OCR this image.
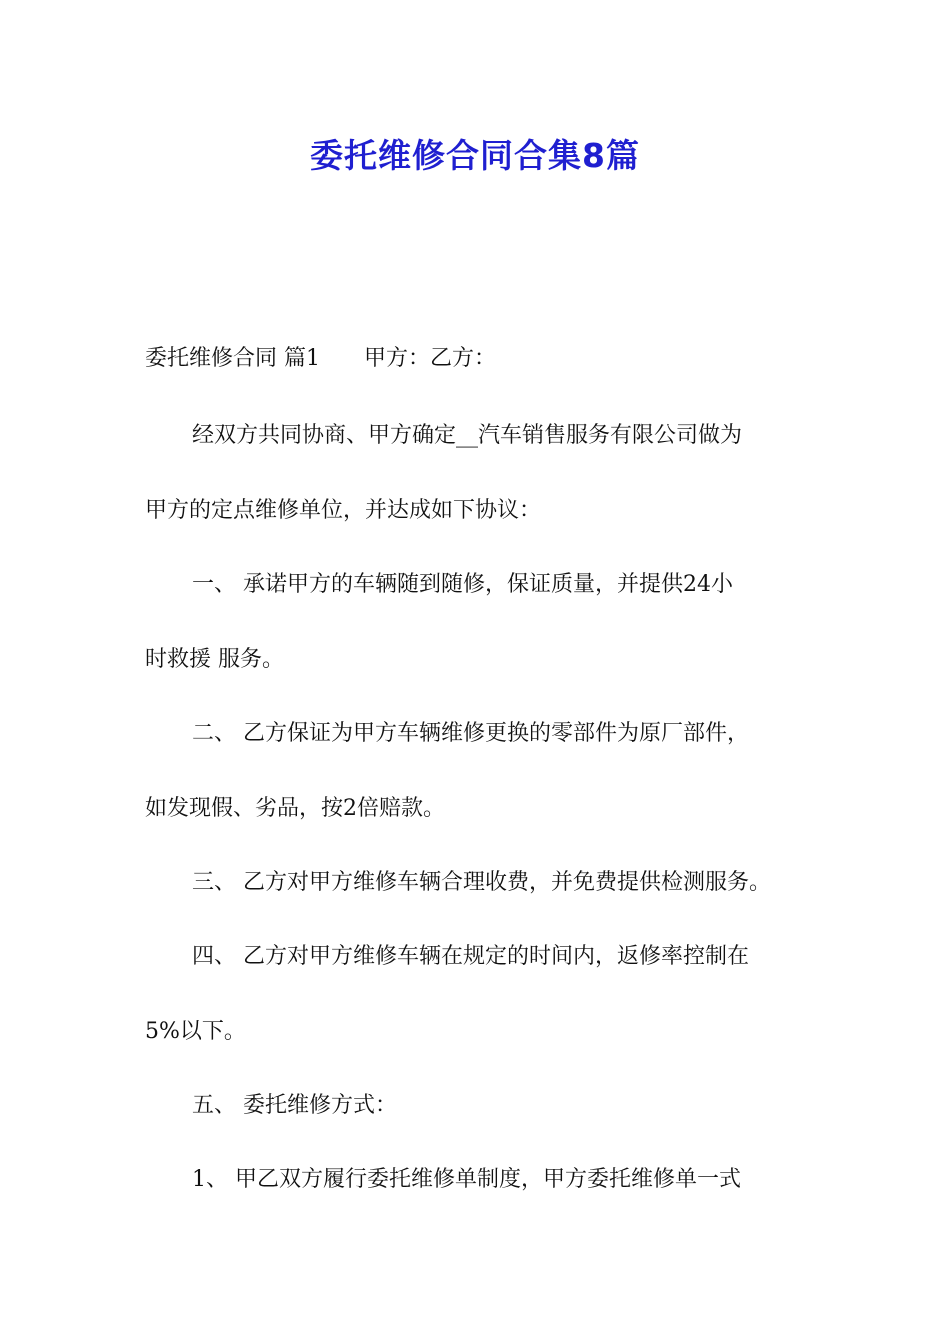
委托维修合同合集8篇
委托维修合同 篇1 甲方：乙方：
经双方共同协商、甲方确定__汽车销售服务有限公司做为
甲方的定点维修单位，并达成如下协议：
一、 承诺甲方的车辆随到随修，保证质量，并提供24小
时救援 服务。
二、 乙方保证为甲方车辆维修更换的零部件为原厂部件，
如发现假、劣品，按2倍赔款。
三、 乙方对甲方维修车辆合理收费，并免费提供检测服务。
四、 乙方对甲方维修车辆在规定的时间内，返修率控制在
5%以下。
五、 委托维修方式：
1、 甲乙双方履行委托维修单制度，甲方委托维修单一式
